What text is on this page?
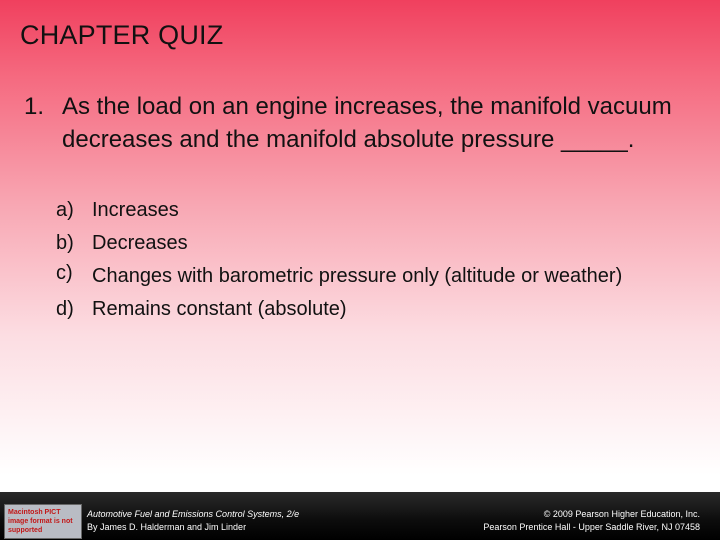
CHAPTER QUIZ
1. As the load on an engine increases, the manifold vacuum decreases and the manifold absolute pressure _____.
a) Increases
b) Decreases
c) Changes with barometric pressure only (altitude or weather)
d) Remains constant (absolute)
Macintosh PICT image format is not supported
Automotive Fuel and Emissions Control Systems, 2/e
By James D. Halderman and Jim Linder
© 2009 Pearson Higher Education, Inc.
Pearson Prentice Hall - Upper Saddle River, NJ 07458
